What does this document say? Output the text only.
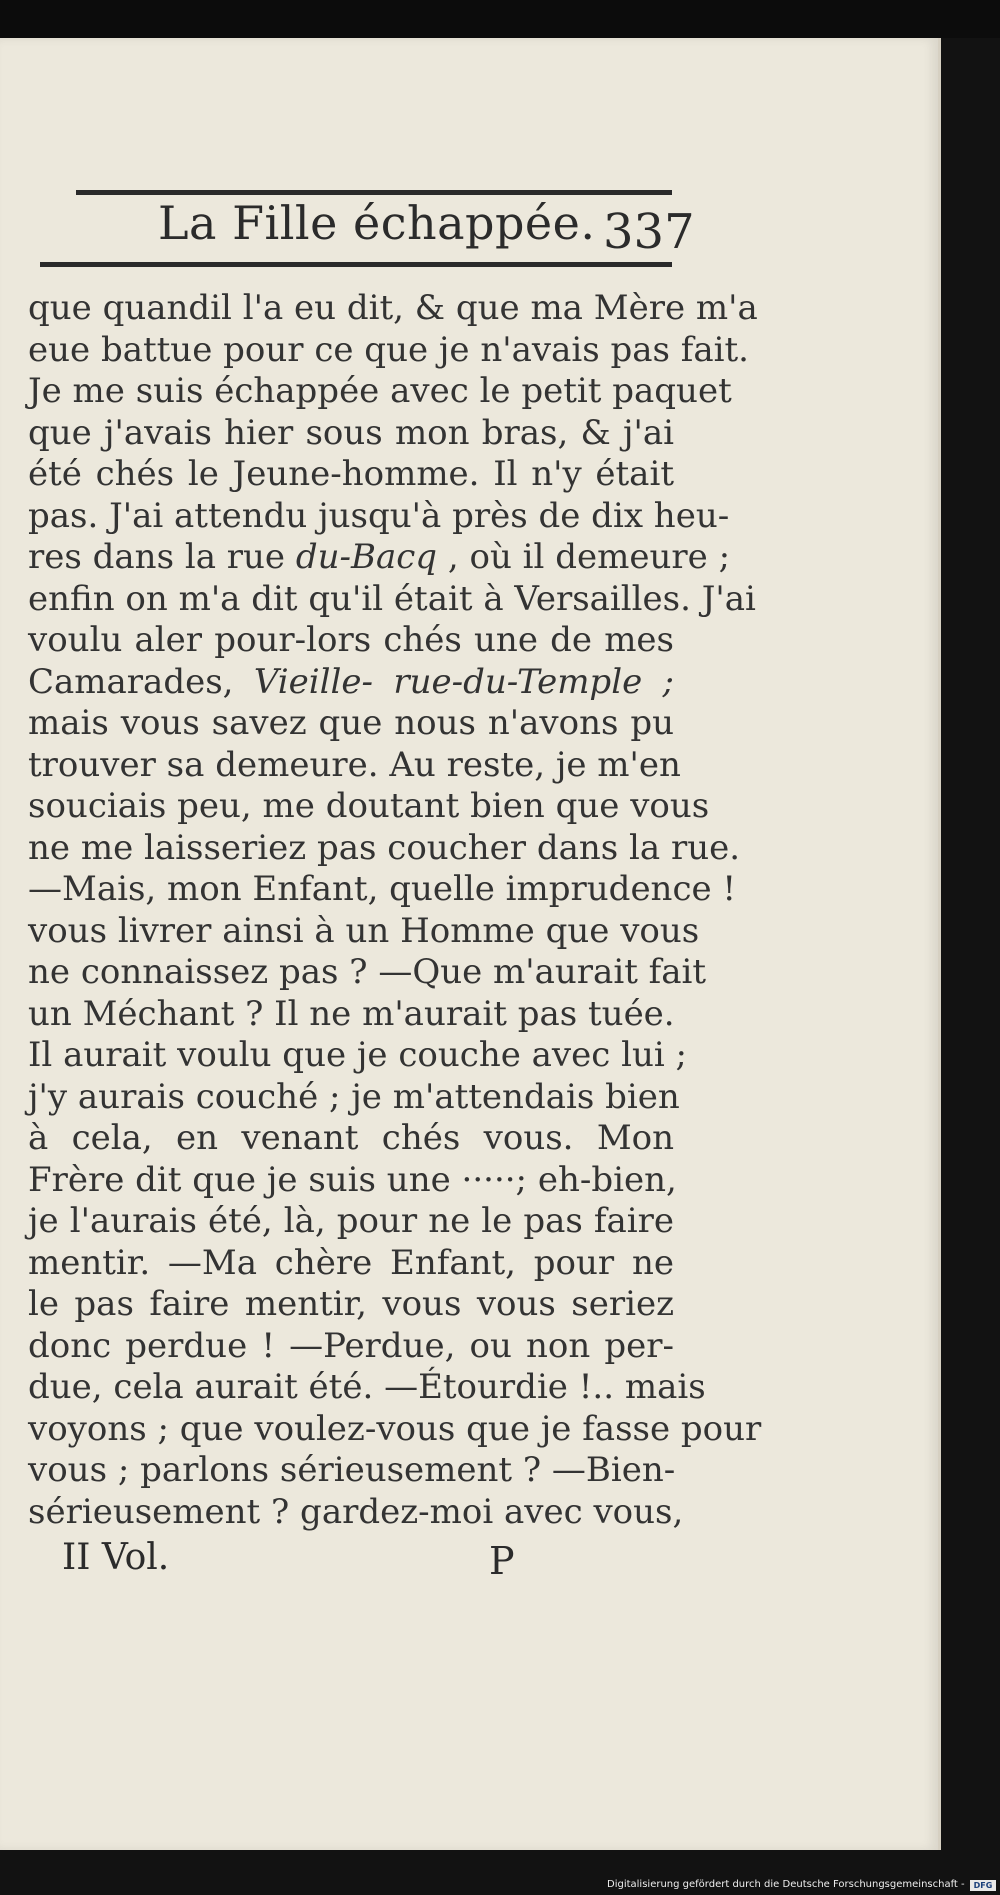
La Fille échappée. 337
que quandil l'a eu dit, & que ma Mère m'a
eue battue pour ce que je n'avais pas fait.
Je me suis échappée avec le petit paquet
que j'avais hier sous mon bras, & j'ai
été chés le Jeune-homme. Il n'y était
pas. J'ai attendu jusqu'à près de dix heu-
res dans la rue du-Bacq , où il demeure ;
enfin on m'a dit qu'il était à Versailles. J'ai
voulu aler pour-lors chés une de mes
Camarades, Vieille- rue-du-Temple ;
mais vous savez que nous n'avons pu
trouver sa demeure. Au reste, je m'en
souciais peu, me doutant bien que vous
ne me laisseriez pas coucher dans la rue.
—Mais, mon Enfant, quelle imprudence !
vous livrer ainsi à un Homme que vous
ne connaissez pas ? —Que m'aurait fait
un Méchant ? Il ne m'aurait pas tuée.
Il aurait voulu que je couche avec lui ;
j'y aurais couché ; je m'attendais bien
à cela, en venant chés vous. Mon
Frère dit que je suis une ·····; eh-bien,
je l'aurais été, là, pour ne le pas faire
mentir. —Ma chère Enfant, pour ne
le pas faire mentir, vous vous seriez
donc perdue ! —Perdue, ou non per-
due, cela aurait été. —Étourdie !.. mais
voyons ; que voulez-vous que je fasse pour
vous ; parlons sérieusement ? —Bien-
sérieusement ? gardez-moi avec vous,
II Vol.	P
Digitalisierung gefördert durch die Deutsche Forschungsgemeinschaft -	DFG
